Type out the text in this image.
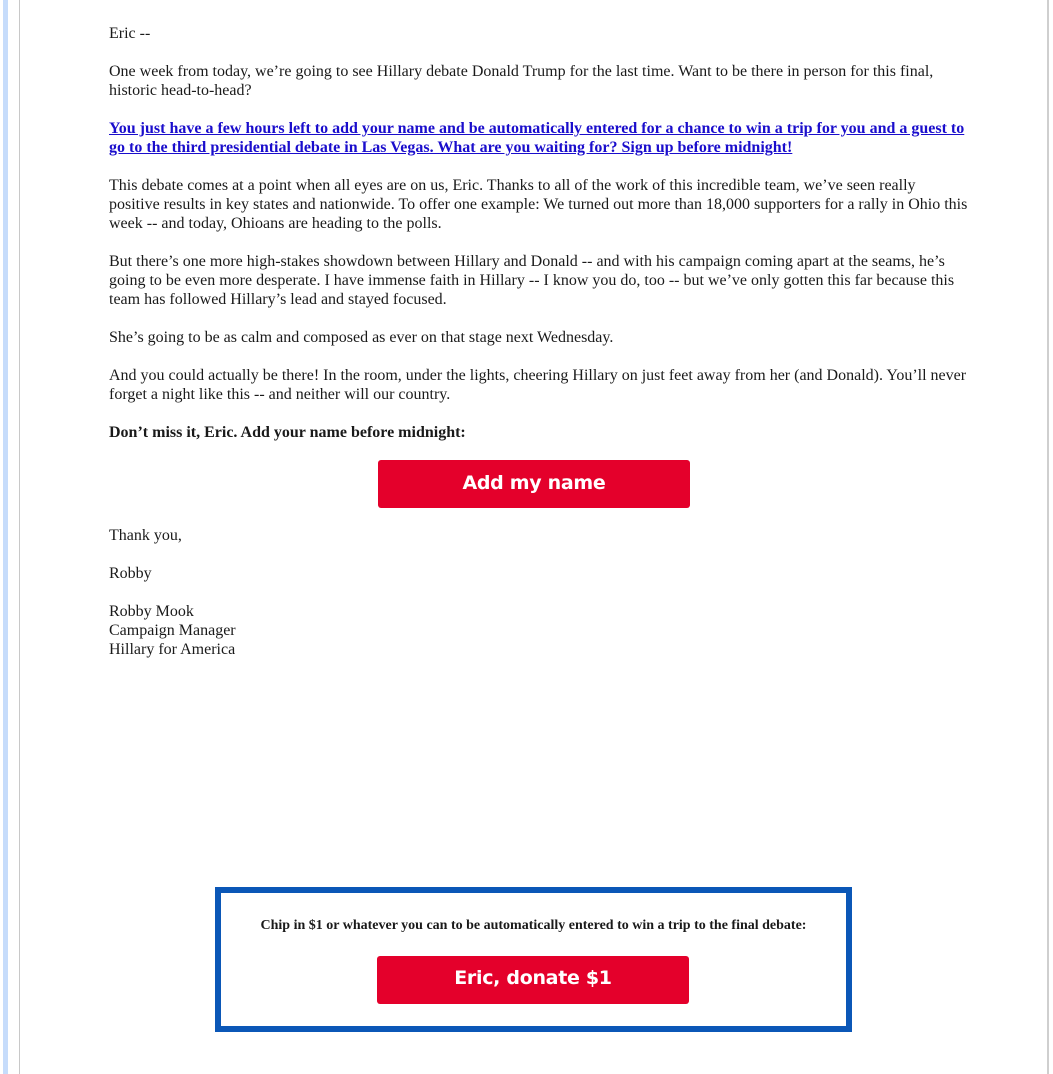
Eric --

One week from today, we’re going to see Hillary debate Donald Trump for the last time. Want to be there in person for this final, historic head-to-head?

You just have a few hours left to add your name and be automatically entered for a chance to win a trip for you and a guest to go to the third presidential debate in Las Vegas. What are you waiting for? Sign up before midnight!

This debate comes at a point when all eyes are on us, Eric. Thanks to all of the work of this incredible team, we’ve seen really positive results in key states and nationwide. To offer one example: We turned out more than 18,000 supporters for a rally in Ohio this week -- and today, Ohioans are heading to the polls.

But there’s one more high-stakes showdown between Hillary and Donald -- and with his campaign coming apart at the seams, he’s going to be even more desperate. I have immense faith in Hillary -- I know you do, too -- but we’ve only gotten this far because this team has followed Hillary’s lead and stayed focused.

She’s going to be as calm and composed as ever on that stage next Wednesday.

And you could actually be there! In the room, under the lights, cheering Hillary on just feet away from her (and Donald). You’ll never forget a night like this -- and neither will our country.

Don’t miss it, Eric. Add your name before midnight:

Add my name

Thank you,

Robby

Robby Mook
Campaign Manager
Hillary for America
Chip in $1 or whatever you can to be automatically entered to win a trip to the final debate:
Eric, donate $1
